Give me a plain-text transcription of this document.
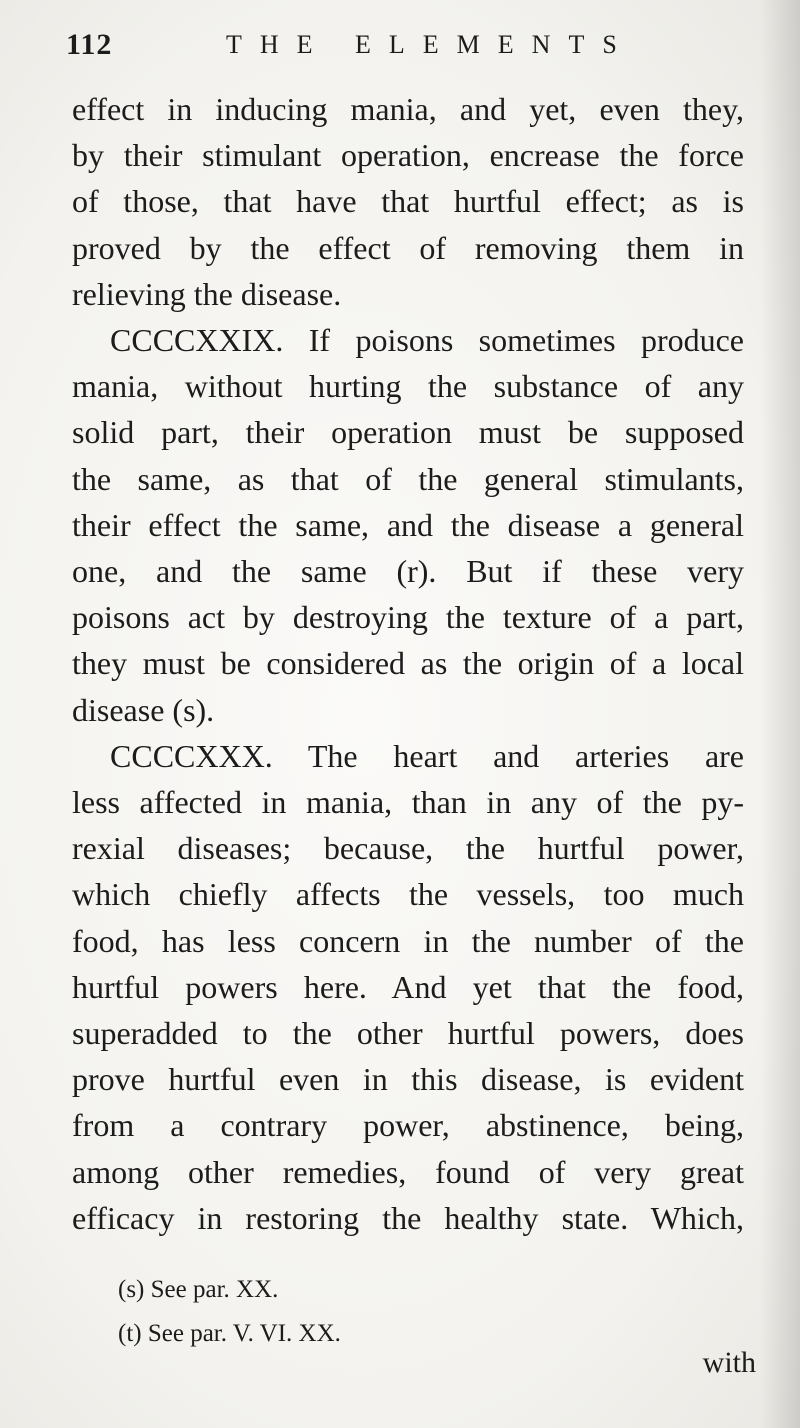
112	THE ELEMENTS
effect in inducing mania, and yet, even they,
by their stimulant operation, encrease the force
of those, that have that hurtful effect; as is
proved by the effect of removing them in
relieving the disease.
CCCCXXIX. If poisons sometimes produce
mania, without hurting the substance of any
solid part, their operation must be supposed
the same, as that of the general stimulants,
their effect the same, and the disease a general
one, and the same (r). But if these very
poisons act by destroying the texture of a part,
they must be considered as the origin of a local
disease (s).
CCCCXXX. The heart and arteries are
less affected in mania, than in any of the py-
rexial diseases; because, the hurtful power,
which chiefly affects the vessels, too much
food, has less concern in the number of the
hurtful powers here. And yet that the food,
superadded to the other hurtful powers, does
prove hurtful even in this disease, is evident
from a contrary power, abstinence, being,
among other remedies, found of very great
efficacy in restoring the healthy state. Which,
(s) See par. XX.
(t) See par. V. VI. XX.
with
